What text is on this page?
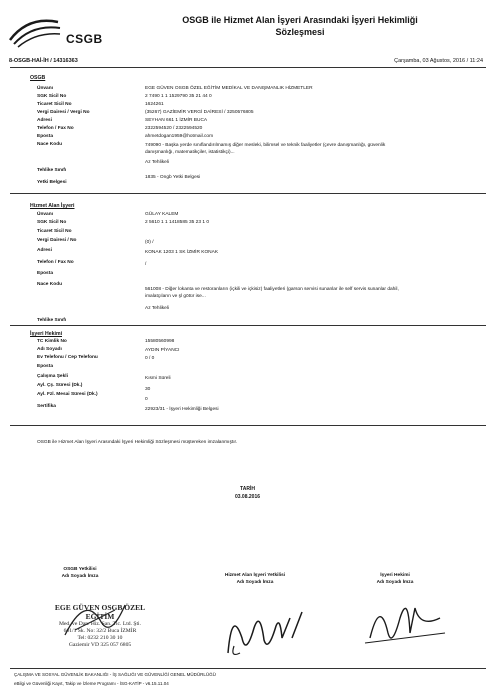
CSGB
OSGB ile Hizmet Alan İşyeri Arasındaki İşyeri Hekimliği
Sözleşmesi
8-OSGB-HAİ-İH / 14316363	Çarşamba, 03 Ağustos, 2016 / 11:24
OSGB
Ünvanı	EGE GÜVEN OSGB ÖZEL EĞİTİM MEDİKAL VE DANIŞMANLIK HİZMETLER
SGK Sicil No	2 7490 1 1 1529790 35 21 44 0
Ticaret Sicil No	1624261
Vergi Dairesi / Vergi No	(35267) GAZİEMİR VERGİ DAİRESİ / 3250576805
Adresi	SEYHAN 661 1 İZMİR BUCA
Telefon / Fax No	2322594520 / 2322594520
Eposta	ahmetdogan1959@hotmail.com
Nace Kodu	749090 - Başka yerde sınıflandırılmamış diğer mesleki, bilimsel ve teknik faaliyetler (çevre danışmanlığı, güvenlik danışmanlığı, matematikçiler, istatistikçi)...
Tehlike Sınıfı
Az Tehlikeli
Yetki Belgesi
1835 - Ongb Yetki Belgesi
Hizmet Alan İşyeri
Ünvanı	GÜLAY KALEM
SGK Sicil No	2 5610 1 1 1418585 35 23 1 0
Ticaret Sicil No
Vergi Dairesi / No	(0) /
Adresi	KONAK 1203 1 SK İZMİR KONAK
Telefon / Fax No	/
Eposta
Nace Kodu
561008 - Diğer lokanta ve restoranların (içkili ve içkisiz) faaliyetleri (garson servisi sunanlar ile self servis sunanlar dahil, imalatçıların ve şl götür ise...
Tehlike Sınıfı
Az Tehlikeli
İşyeri Hekimi
TC Kimlik No	15580560998
Adı Soyadı	AYDIN PİYANCI
Ev Telefonu / Cep Telefonu	0 / 0
Eposta
Çalışma Şekli	Kısmi Süreli
Ayl. Çş. Süresi (Dk.)
30
Ayl. Fzl. Mesai Süresi (Dk.)
0
Sertifika
22923/31 - İşyeri Hekimliği Belgesi
OSGB ile Hizmet Alan İşyeri Arasındaki İşyeri Hekimliği Sözleşmesi müştereken imzalanmıştır.
TARİH
03.08.2016
OSGB Yetkilisi
Adı Soyadı İmza	Hizmet Alan İşyeri Yetkilisi
Adı Soyadı İmza
İşyeri Hekimi
Adı Soyadı İmza
EGE GÜVEN OSGB ÖZEL EĞİTİM
Med. ve Dan. Hiz. San. Tic. Ltd. Şti.
661/1 Sk. No: 32/2 Buca İZMİR
Tel: 0232 210 30 10
Gaziemir VD 325 057 6805
ÇALIŞMA VE SOSYAL GÜVENLİK BAKANLIĞI - İŞ SAĞLIĞI VE GÜVENLİĞİ GENEL MÜDÜRLÜĞÜ
eBilgi ve Güvenliği Kayıt, Takip ve İzleme Programı - İSG-KATİP - v6.15.11.04
